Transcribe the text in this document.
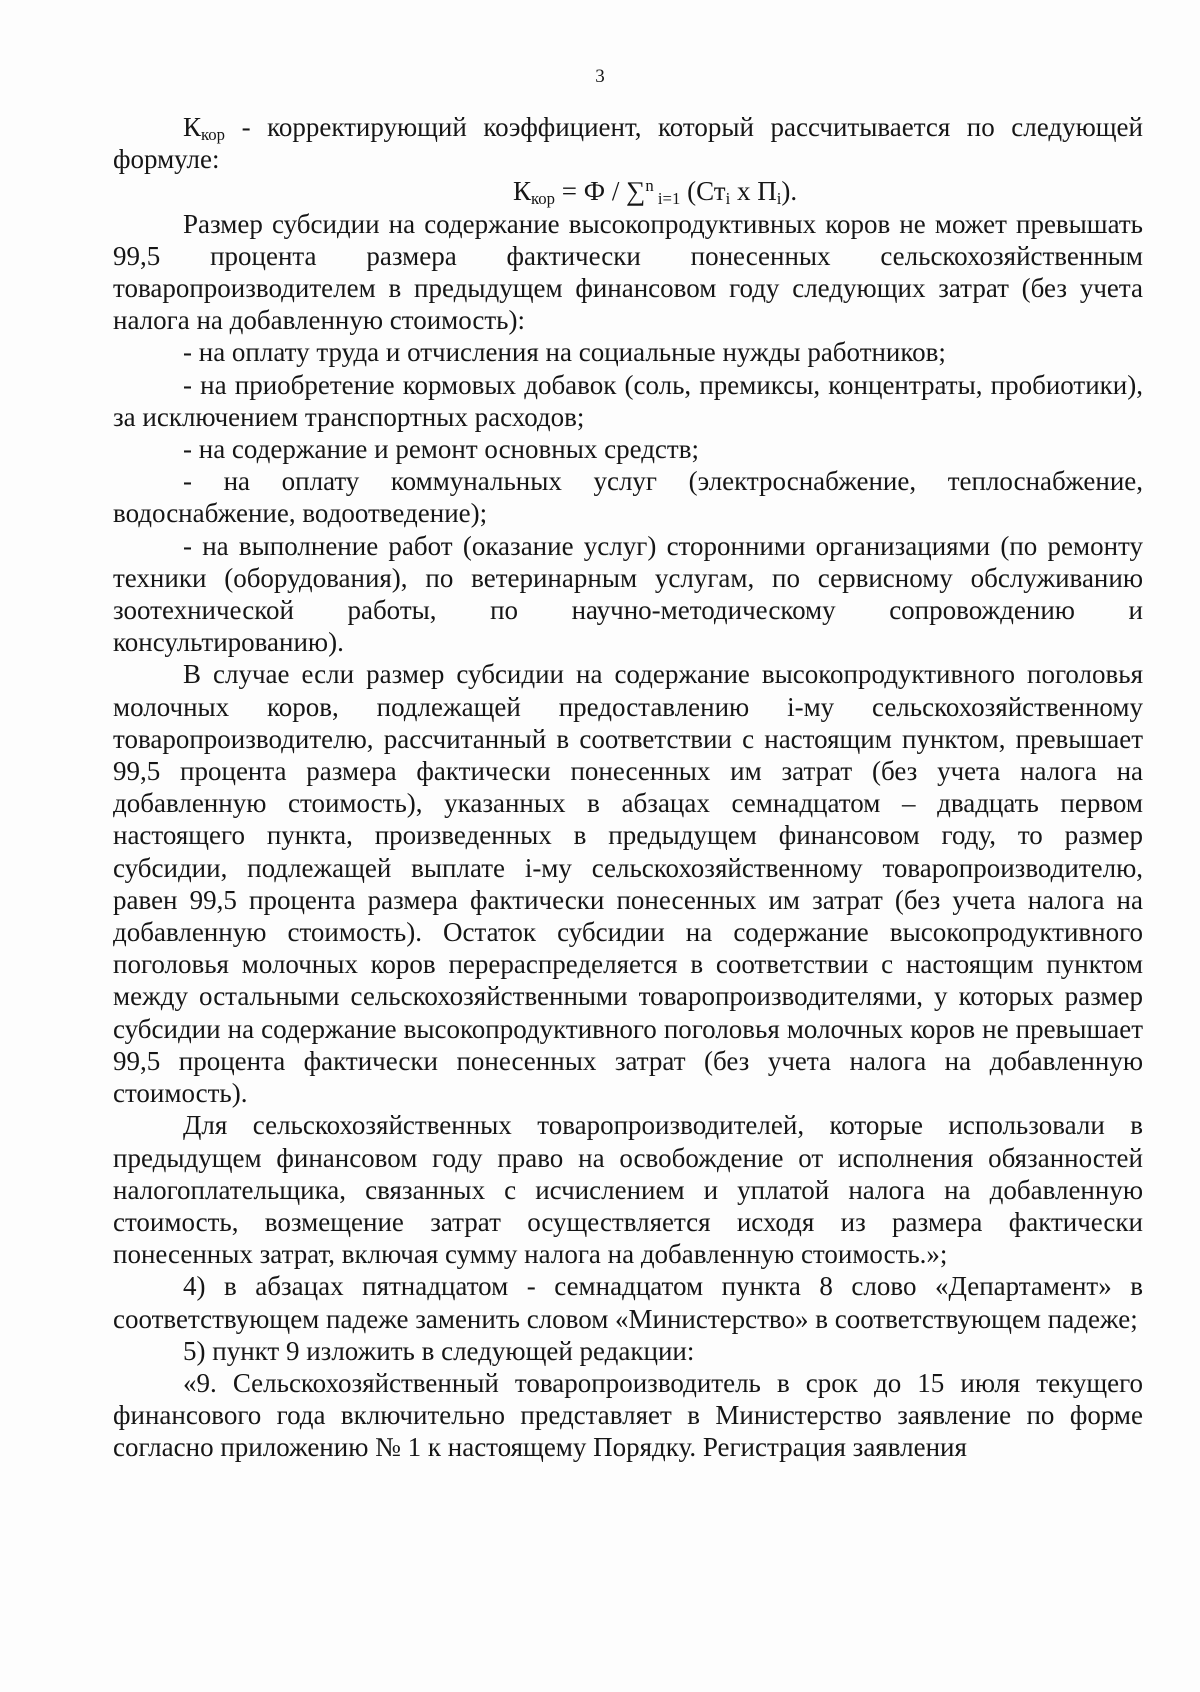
3

$К_{кор}$ - корректирующий коэффициент, который рассчитывается по следующей формуле:

$К_{кор} = Ф / \sum^n$ $_{i=1}$ ($Ст_i$ x $П_i$).

Размер субсидии на содержание высокопродуктивных коров не может превышать 99,5 процента размера фактически понесенных сельскохозяйственным товаропроизводителем в предыдущем финансовом году следующих затрат (без учета налога на добавленную стоимость):

- на оплату труда и отчисления на социальные нужды работников;

- на приобретение кормовых добавок (соль, премиксы, концентраты, пробиотики), за исключением транспортных расходов;

- на содержание и ремонт основных средств;

- на оплату коммунальных услуг (электроснабжение, теплоснабжение, водоснабжение, водоотведение);

- на выполнение работ (оказание услуг) сторонними организациями (по ремонту техники (оборудования), по ветеринарным услугам, по сервисному обслуживанию зоотехнической работы, по научно-методическому сопровождению и консультированию).

В случае если размер субсидии на содержание высокопродуктивного поголовья молочных коров, подлежащей предоставлению i-му сельскохозяйственному товаропроизводителю, рассчитанный в соответствии с настоящим пунктом, превышает 99,5 процента размера фактически понесенных им затрат (без учета налога на добавленную стоимость), указанных в абзацах семнадцатом – двадцать первом настоящего пункта, произведенных в предыдущем финансовом году, то размер субсидии, подлежащей выплате i-му сельскохозяйственному товаропроизводителю, равен 99,5 процента размера фактически понесенных им затрат (без учета налога на добавленную стоимость). Остаток субсидии на содержание высокопродуктивного поголовья молочных коров перераспределяется в соответствии с настоящим пунктом между остальными сельскохозяйственными товаропроизводителями, у которых размер субсидии на содержание высокопродуктивного поголовья молочных коров не превышает 99,5 процента фактически понесенных затрат (без учета налога на добавленную стоимость).

Для сельскохозяйственных товаропроизводителей, которые использовали в предыдущем финансовом году право на освобождение от исполнения обязанностей налогоплательщика, связанных с исчислением и уплатой налога на добавленную стоимость, возмещение затрат осуществляется исходя из размера фактически понесенных затрат, включая сумму налога на добавленную стоимость.»;

4) в абзацах пятнадцатом - семнадцатом пункта 8 слово «Департамент» в соответствующем падеже заменить словом «Министерство» в соответствующем падеже;

5) пункт 9 изложить в следующей редакции:

«9. Сельскохозяйственный товаропроизводитель в срок до 15 июля текущего финансового года включительно представляет в Министерство заявление по форме согласно приложению № 1 к настоящему Порядку. Регистрация заявления
